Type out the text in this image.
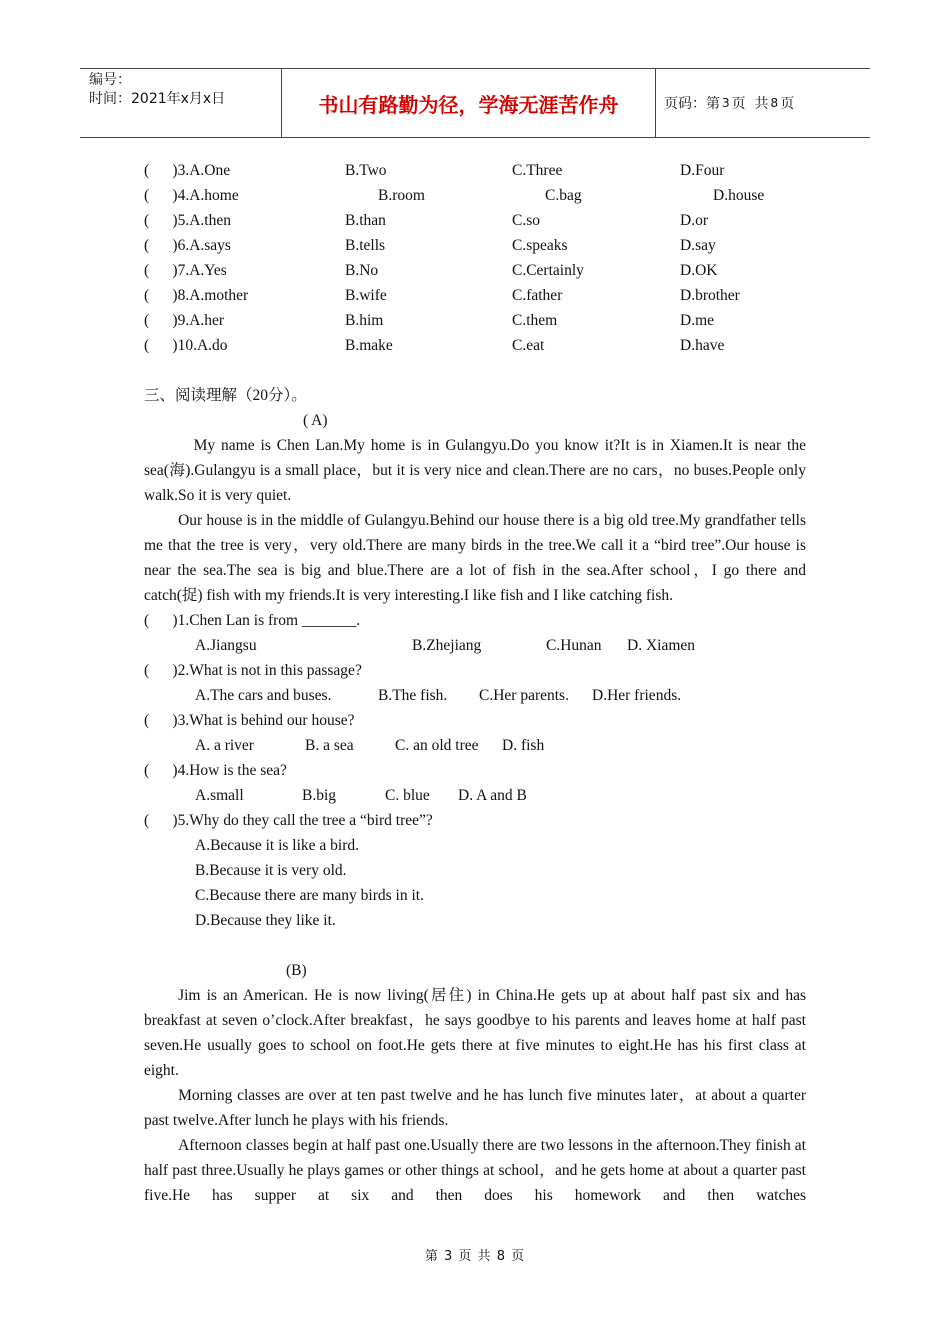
编号：
时间：2021年x月x日	书山有路勤为径，学海无涯苦作舟	页码：第 3 页  共 8 页
(      )3.A.One	B.Two	C.Three	D.Four
(      )4.A.home	B.room	C.bag	D.house
(      )5.A.then	B.than	C.so	D.or
(      )6.A.says	B.tells	C.speaks	D.say
(      )7.A.Yes	B.No	C.Certainly	D.OK
(      )8.A.mother	B.wife	C.father	D.brother
(      )9.A.her	B.him	C.them	D.me
(      )10.A.do	B.make	C.eat	D.have
三、阅读理解（20分）。
( A)

My name is Chen Lan.My home is in Gulangyu.Do you know it?It is in Xiamen.It is near the sea(海).Gulangyu is a small place，but it is very nice and clean.There are no cars，no buses.People only walk.So it is very quiet.

Our house is in the middle of Gulangyu.Behind our house there is a big old tree.My grandfather tells me that the tree is very，very old.There are many birds in the tree.We call it a “bird tree”.Our house is near the sea.The sea is big and blue.There are a lot of fish in the sea.After school，I go there and catch(捉) fish with my friends.It is very interesting.I like fish and I like catching fish.

(      )1.Chen Lan is from _______.
A.Jiangsu	B.Zhejiang	C.Hunan D. Xiamen
(      )2.What is not in this passage?
A.The cars and buses.	B.The fish. C.Her parents. D.Her friends.
(      )3.What is behind our house?
A. a river	B. a sea	C. an old tree D. fish
(      )4.How is the sea?
A.small	B.big	C. blue D. A and B
(      )5.Why do they call the tree a “bird tree”?
A.Because it is like a bird.
B.Because it is very old.
C.Because there are many birds in it.
D.Because they like it.
(B)

Jim is an American. He is now living(居住) in China.He gets up at about half past six and has breakfast at seven o’clock.After breakfast，he says goodbye to his parents and leaves home at half past seven.He usually goes to school on foot.He gets there at five minutes to eight.He has his first class at eight.

Morning classes are over at ten past twelve and he has lunch five minutes later，at about a quarter past twelve.After lunch he plays with his friends.

Afternoon classes begin at half past one.Usually there are two lessons in the afternoon.They finish at half past three.Usually he plays games or other things at school，and he gets home at about a quarter past five.He has supper at six and then does his homework and then watches

第 3 页 共 8 页
